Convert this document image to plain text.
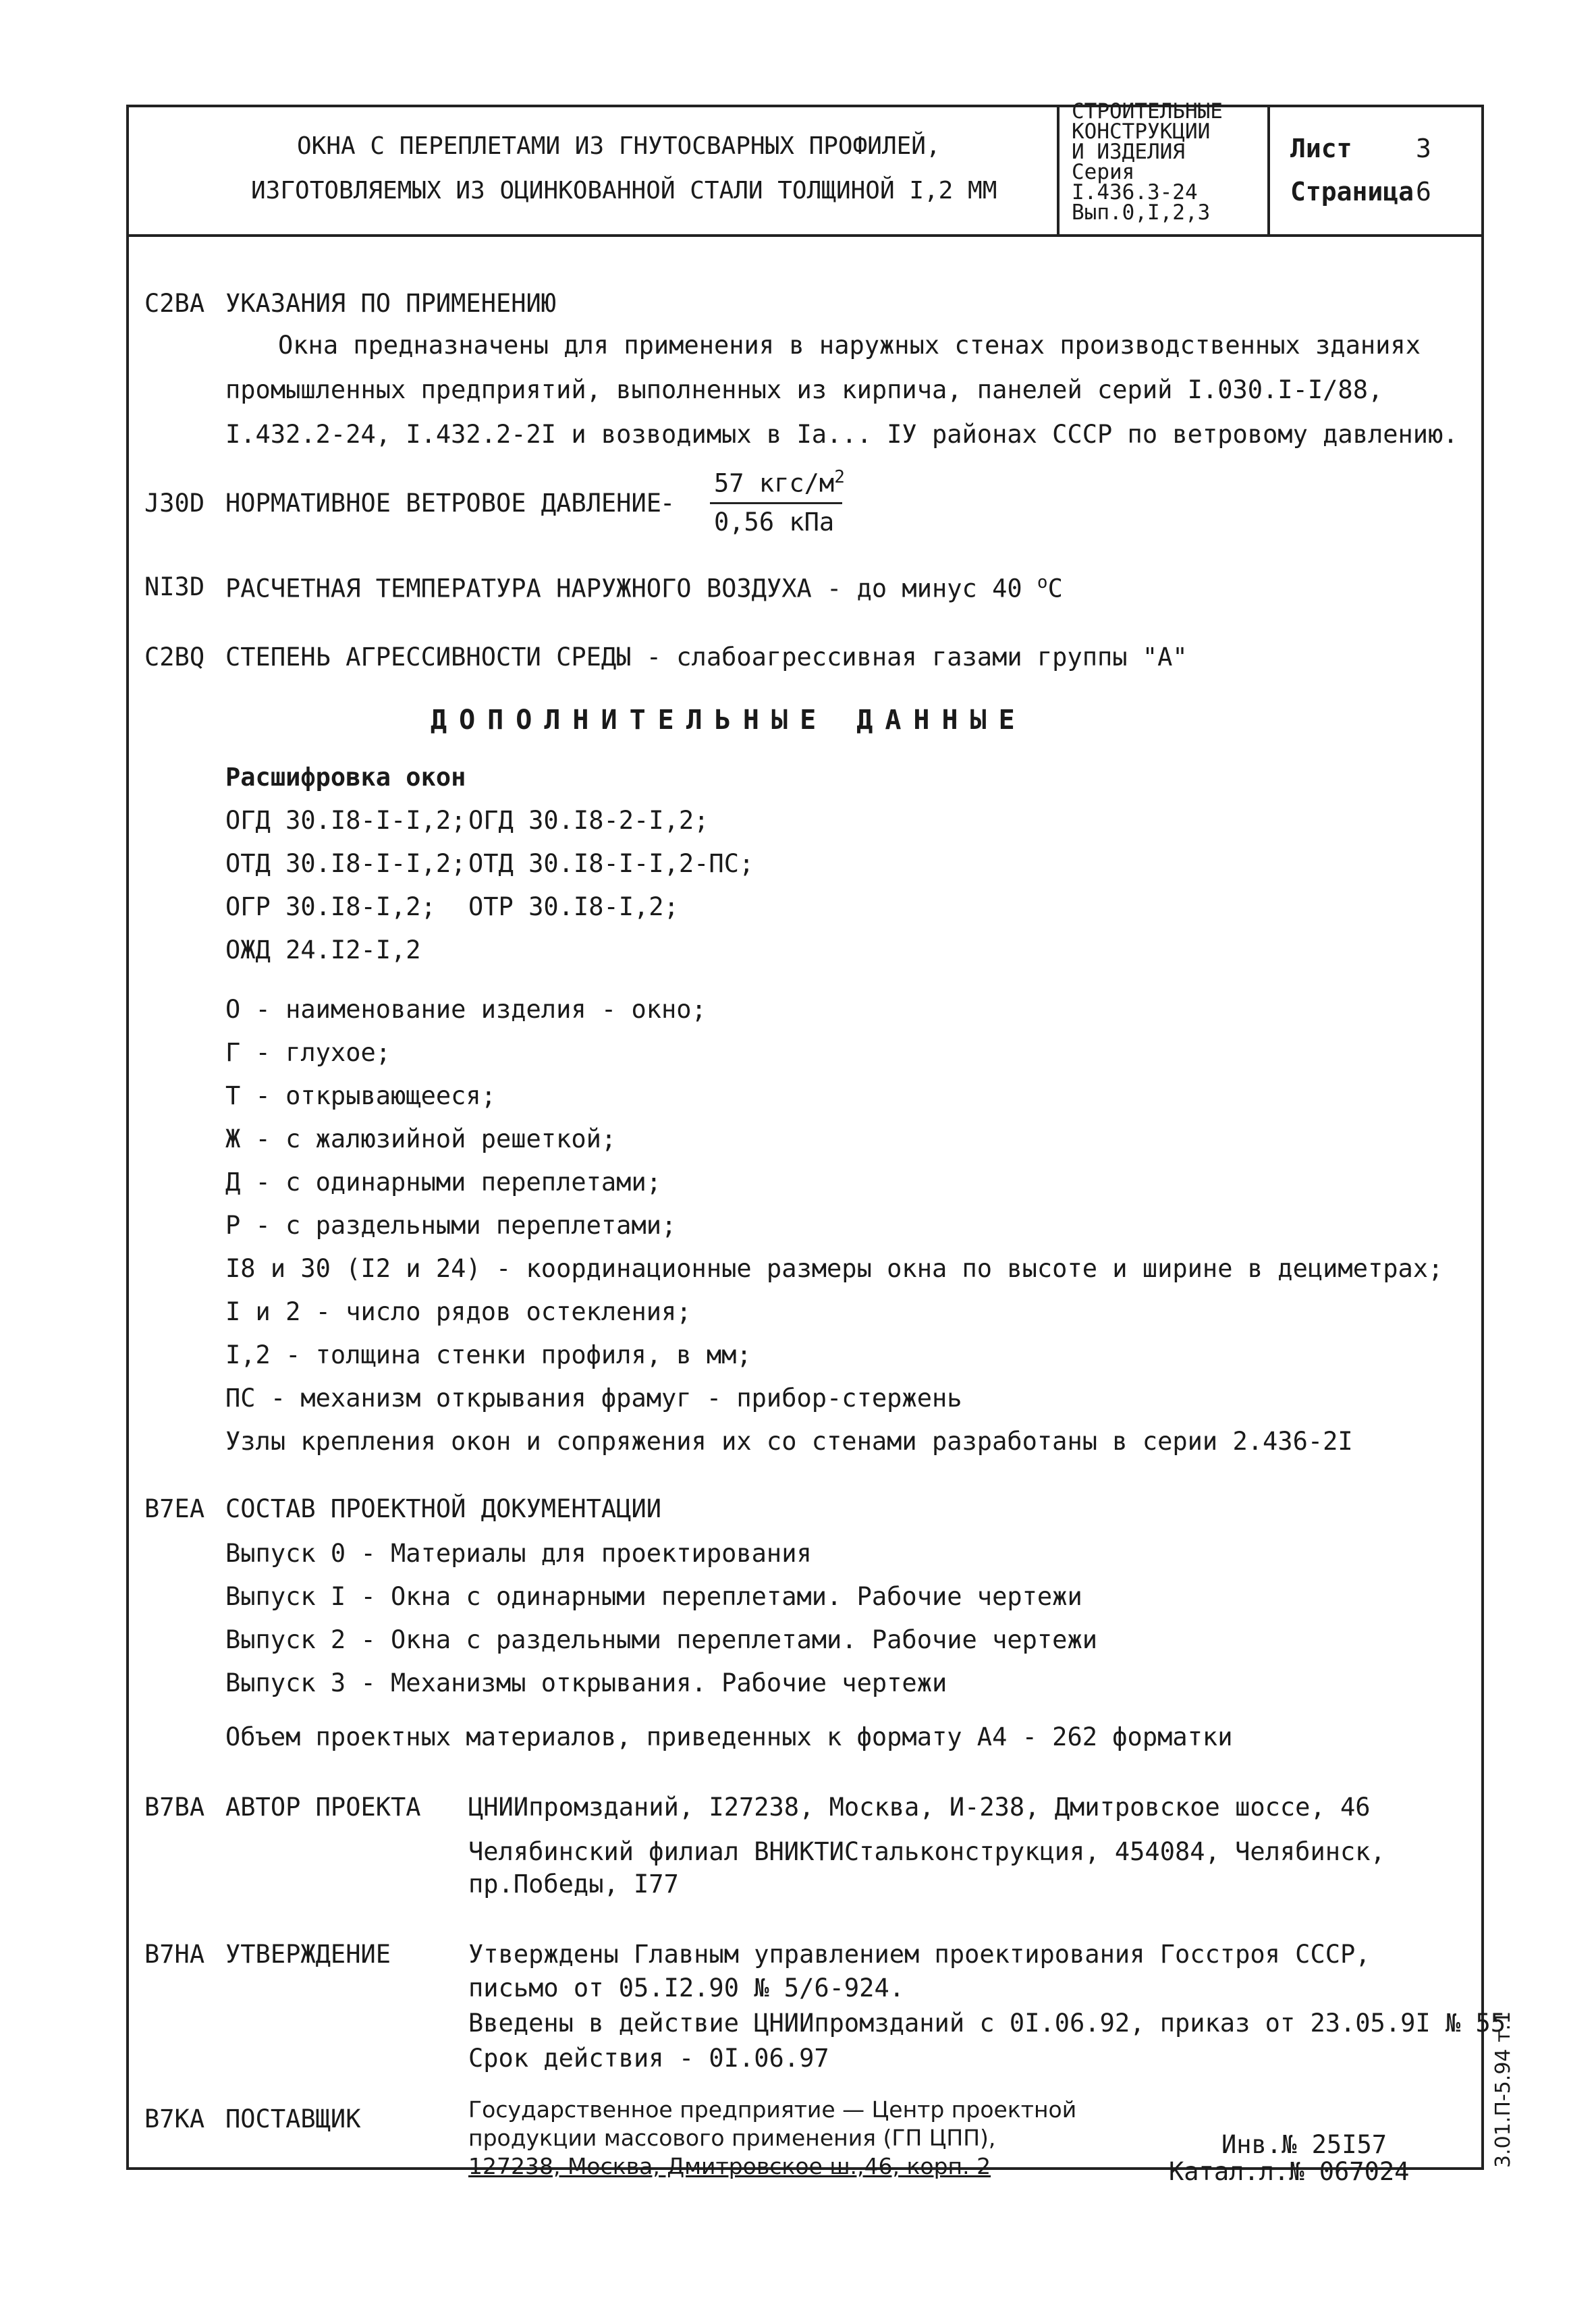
ОКНА С ПЕРЕПЛЕТАМИ ИЗ ГНУТОСВАРНЫХ ПРОФИЛЕЙ,
ИЗГОТОВЛЯЕМЫХ ИЗ ОЦИНКОВАННОЙ СТАЛИ ТОЛЩИНОЙ I,2 ММ
СТРОИТЕЛЬНЫЕ
КОНСТРУКЦИИ
И ИЗДЕЛИЯ
Серия
I.436.3-24
Вып.0,I,2,3
Лист 3
Страница 6
C2BA УКАЗАНИЯ ПО ПРИМЕНЕНИЮ
Окна предназначены для применения в наружных стенах производственных зданиях
промышленных предприятий, выполненных из кирпича, панелей серий I.030.I-I/88,
I.432.2-24, I.432.2-2I и возводимых в Iа... IУ районах СССР по ветровому давлению.
J30D НОРМАТИВНОЕ ВЕТРОВОЕ ДАВЛЕНИЕ
-
57 кгс/$м^2$
0,56 кПа
NI3D РАСЧЕТНАЯ ТЕМПЕРАТУРА НАРУЖНОГО ВОЗДУХА - до минус 40 $^о$С
C2BQ СТЕПЕНЬ АГРЕССИВНОСТИ СРЕДЫ - слабоагрессивная газами группы "А"
ДОПОЛНИТЕЛЬНЫЕ ДАННЫЕ
Расшифровка окон
ОГД 30.I8-I-I,2; ОГД 30.I8-2-I,2;
ОТД 30.I8-I-I,2; ОТД 30.I8-I-I,2-ПС;
ОГР 30.I8-I,2; ОТР 30.I8-I,2;
ОЖД 24.I2-I,2
О - наименование изделия - окно;
Г - глухое;
Т - открывающееся;
Ж - с жалюзийной решеткой;
Д - с одинарными переплетами;
Р - с раздельными переплетами;
I8 и 30 (I2 и 24) - координационные размеры окна по высоте и ширине в дециметрах;
I и 2 - число рядов остекления;
I,2 - толщина стенки профиля, в мм;
ПС - механизм открывания фрамуг - прибор-стержень
Узлы крепления окон и сопряжения их со стенами разработаны в серии 2.436-2I
B7EA СОСТАВ ПРОЕКТНОЙ ДОКУМЕНТАЦИИ
Выпуск 0 - Материалы для проектирования
Выпуск I - Окна с одинарными переплетами. Рабочие чертежи
Выпуск 2 - Окна с раздельными переплетами. Рабочие чертежи
Выпуск 3 - Механизмы открывания. Рабочие чертежи
Объем проектных материалов, приведенных к формату А4 - 262 форматки
B7BA АВТОР ПРОЕКТА ЦНИИпромзданий, I27238, Москва, И-238, Дмитровское шоссе, 46
Челябинский филиал ВНИКТИСтальконструкция, 454084, Челябинск,
пр.Победы, I77
B7HA УТВЕРЖДЕНИЕ	Утверждены Главным управлением проектирования Госстроя СССР,
письмо от 05.I2.90 № 5/6-924.
Введены в действие ЦНИИпромзданий с 0I.06.92, приказ от 23.05.9I № 55
Срок действия - 0I.06.97
B7KA ПОСТАВЩИК	Государственное предприятие — Центр проектной
продукции массового применения (ГП ЦПП),
127238, Москва, Дмитровское ш.,46, корп. 2
Инв.№ 25I57
Катал.л.№ 067024
3.01.П-5.94 т.1
